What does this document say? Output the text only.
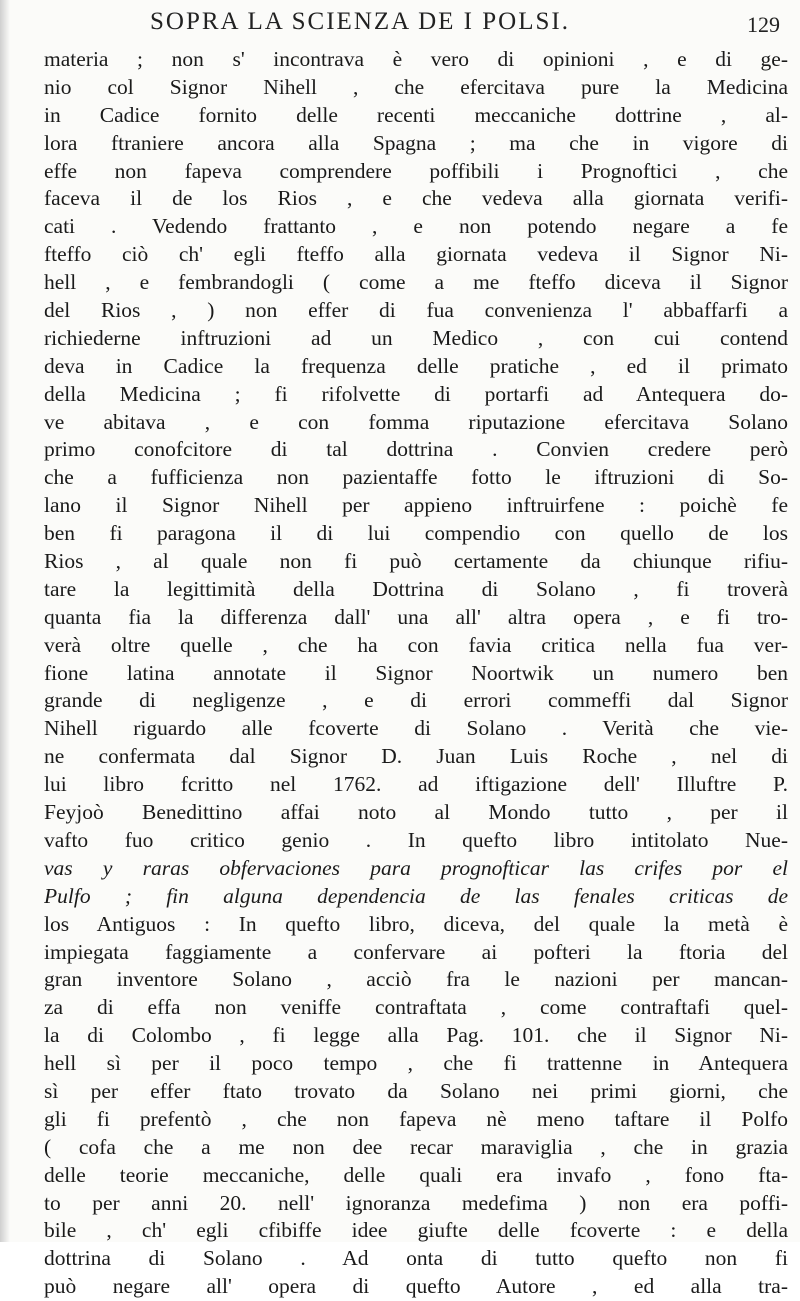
SOPRA LA SCIENZA DE I POLSI.	129
materia ; non s' incontrava è vero di opinioni , e di ge-
nio col Signor Nihell , che efercitava pure la Medicina
in Cadice fornito delle recenti meccaniche dottrine , al-
lora ftraniere ancora alla Spagna ; ma che in vigore di
effe non fapeva comprendere poffibili i Prognoftici , che
faceva il de los Rios , e che vedeva alla giornata verifi-
cati . Vedendo frattanto , e non potendo negare a fe
fteffo ciò ch' egli fteffo alla giornata vedeva il Signor Ni-
hell , e fembrandogli ( come a me fteffo diceva il Signor
del Rios , ) non effer di fua convenienza l' abbaffarfi a
richiederne inftruzioni ad un Medico , con cui contend
deva in Cadice la frequenza delle pratiche , ed il primato
della Medicina ; fi rifolvette di portarfi ad Antequera do-
ve abitava , e con fomma riputazione efercitava Solano
primo conofcitore di tal dottrina . Convien credere però
che a fufficienza non pazientaffe fotto le iftruzioni di So-
lano il Signor Nihell per appieno inftruirfene : poichè fe
ben fi paragona il di lui compendio con quello de los
Rios , al quale non fi può certamente da chiunque rifiu-
tare la legittimità della Dottrina di Solano , fi troverà
quanta fia la differenza dall' una all' altra opera , e fi tro-
verà oltre quelle , che ha con favia critica nella fua ver-
fione latina annotate il Signor Noortwik un numero ben
grande di negligenze , e di errori commeffi dal Signor
Nihell riguardo alle fcoverte di Solano . Verità che vie-
ne confermata dal Signor D. Juan Luis Roche , nel di
lui libro fcritto nel 1762. ad iftigazione dell' Illuftre P.
Feyjoò Benedittino affai noto al Mondo tutto , per il
vafto fuo critico genio . In quefto libro intitolato Nue-
vas y raras obfervaciones para prognofticar las crifes por el
Pulfo ; fin alguna dependencia de las fenales criticas de
los Antiguos : In quefto libro, diceva, del quale la metà è
impiegata faggiamente a confervare ai pofteri la ftoria del
gran inventore Solano , acciò fra le nazioni per mancan-
za di effa non veniffe contraftata , come contraftafi quel-
la di Colombo , fi legge alla Pag. 101. che il Signor Ni-
hell sì per il poco tempo , che fi trattenne in Antequera
sì per effer ftato trovato da Solano nei primi giorni, che
gli fi prefentò , che non fapeva nè meno taftare il Polfo
( cofa che a me non dee recar maraviglia , che in grazia
delle teorie meccaniche, delle quali era invafo , fono fta-
to per anni 20. nell' ignoranza medefima ) non era poffi-
bile , ch' egli cfibiffe idee giufte delle fcoverte : e della
dottrina di Solano . Ad onta di tutto quefto non fi
può negare all' opera di quefto Autore , ed alla tra-
